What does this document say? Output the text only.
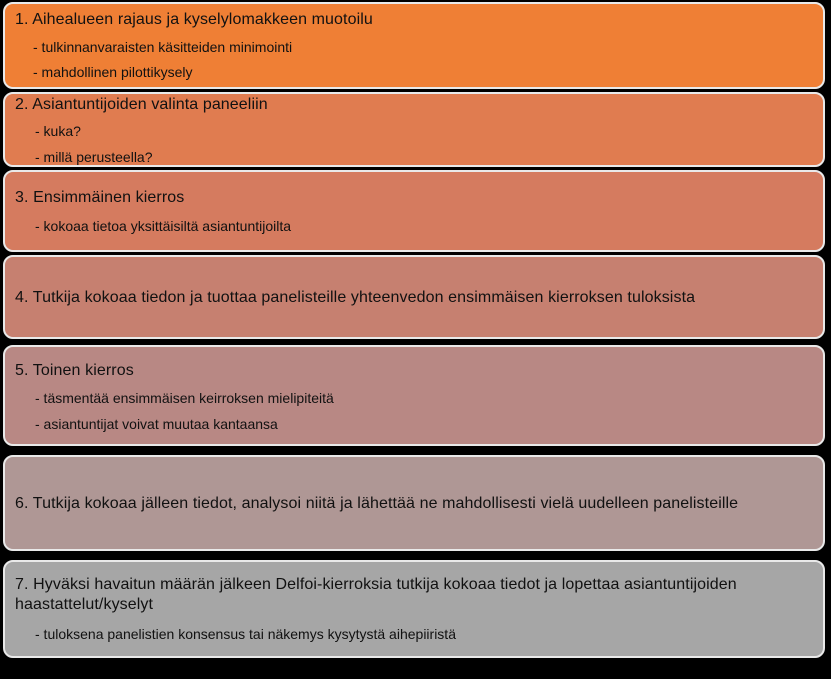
1. Aihealueen rajaus ja kyselylomakkeen muotoilu
- tulkinnanvaraisten käsitteiden minimointi
- mahdollinen pilottikysely
2. Asiantuntijoiden valinta paneeliin
- kuka?
- millä perusteella?
3. Ensimmäinen kierros
- kokoaa tietoa yksittäisiltä asiantuntijoilta
4. Tutkija kokoaa tiedon ja tuottaa panelisteille yhteenvedon ensimmäisen kierroksen tuloksista
5. Toinen kierros
- täsmentää ensimmäisen keirroksen mielipiteitä
- asiantuntijat voivat muutaa kantaansa
6. Tutkija kokoaa jälleen tiedot, analysoi niitä ja lähettää ne mahdollisesti vielä uudelleen panelisteille
7. Hyväksi havaitun määrän jälkeen Delfoi-kierroksia tutkija kokoaa tiedot ja lopettaa asiantuntijoiden haastattelut/kyselyt
- tuloksena panelistien konsensus tai näkemys kysytystä aihepiiristä
